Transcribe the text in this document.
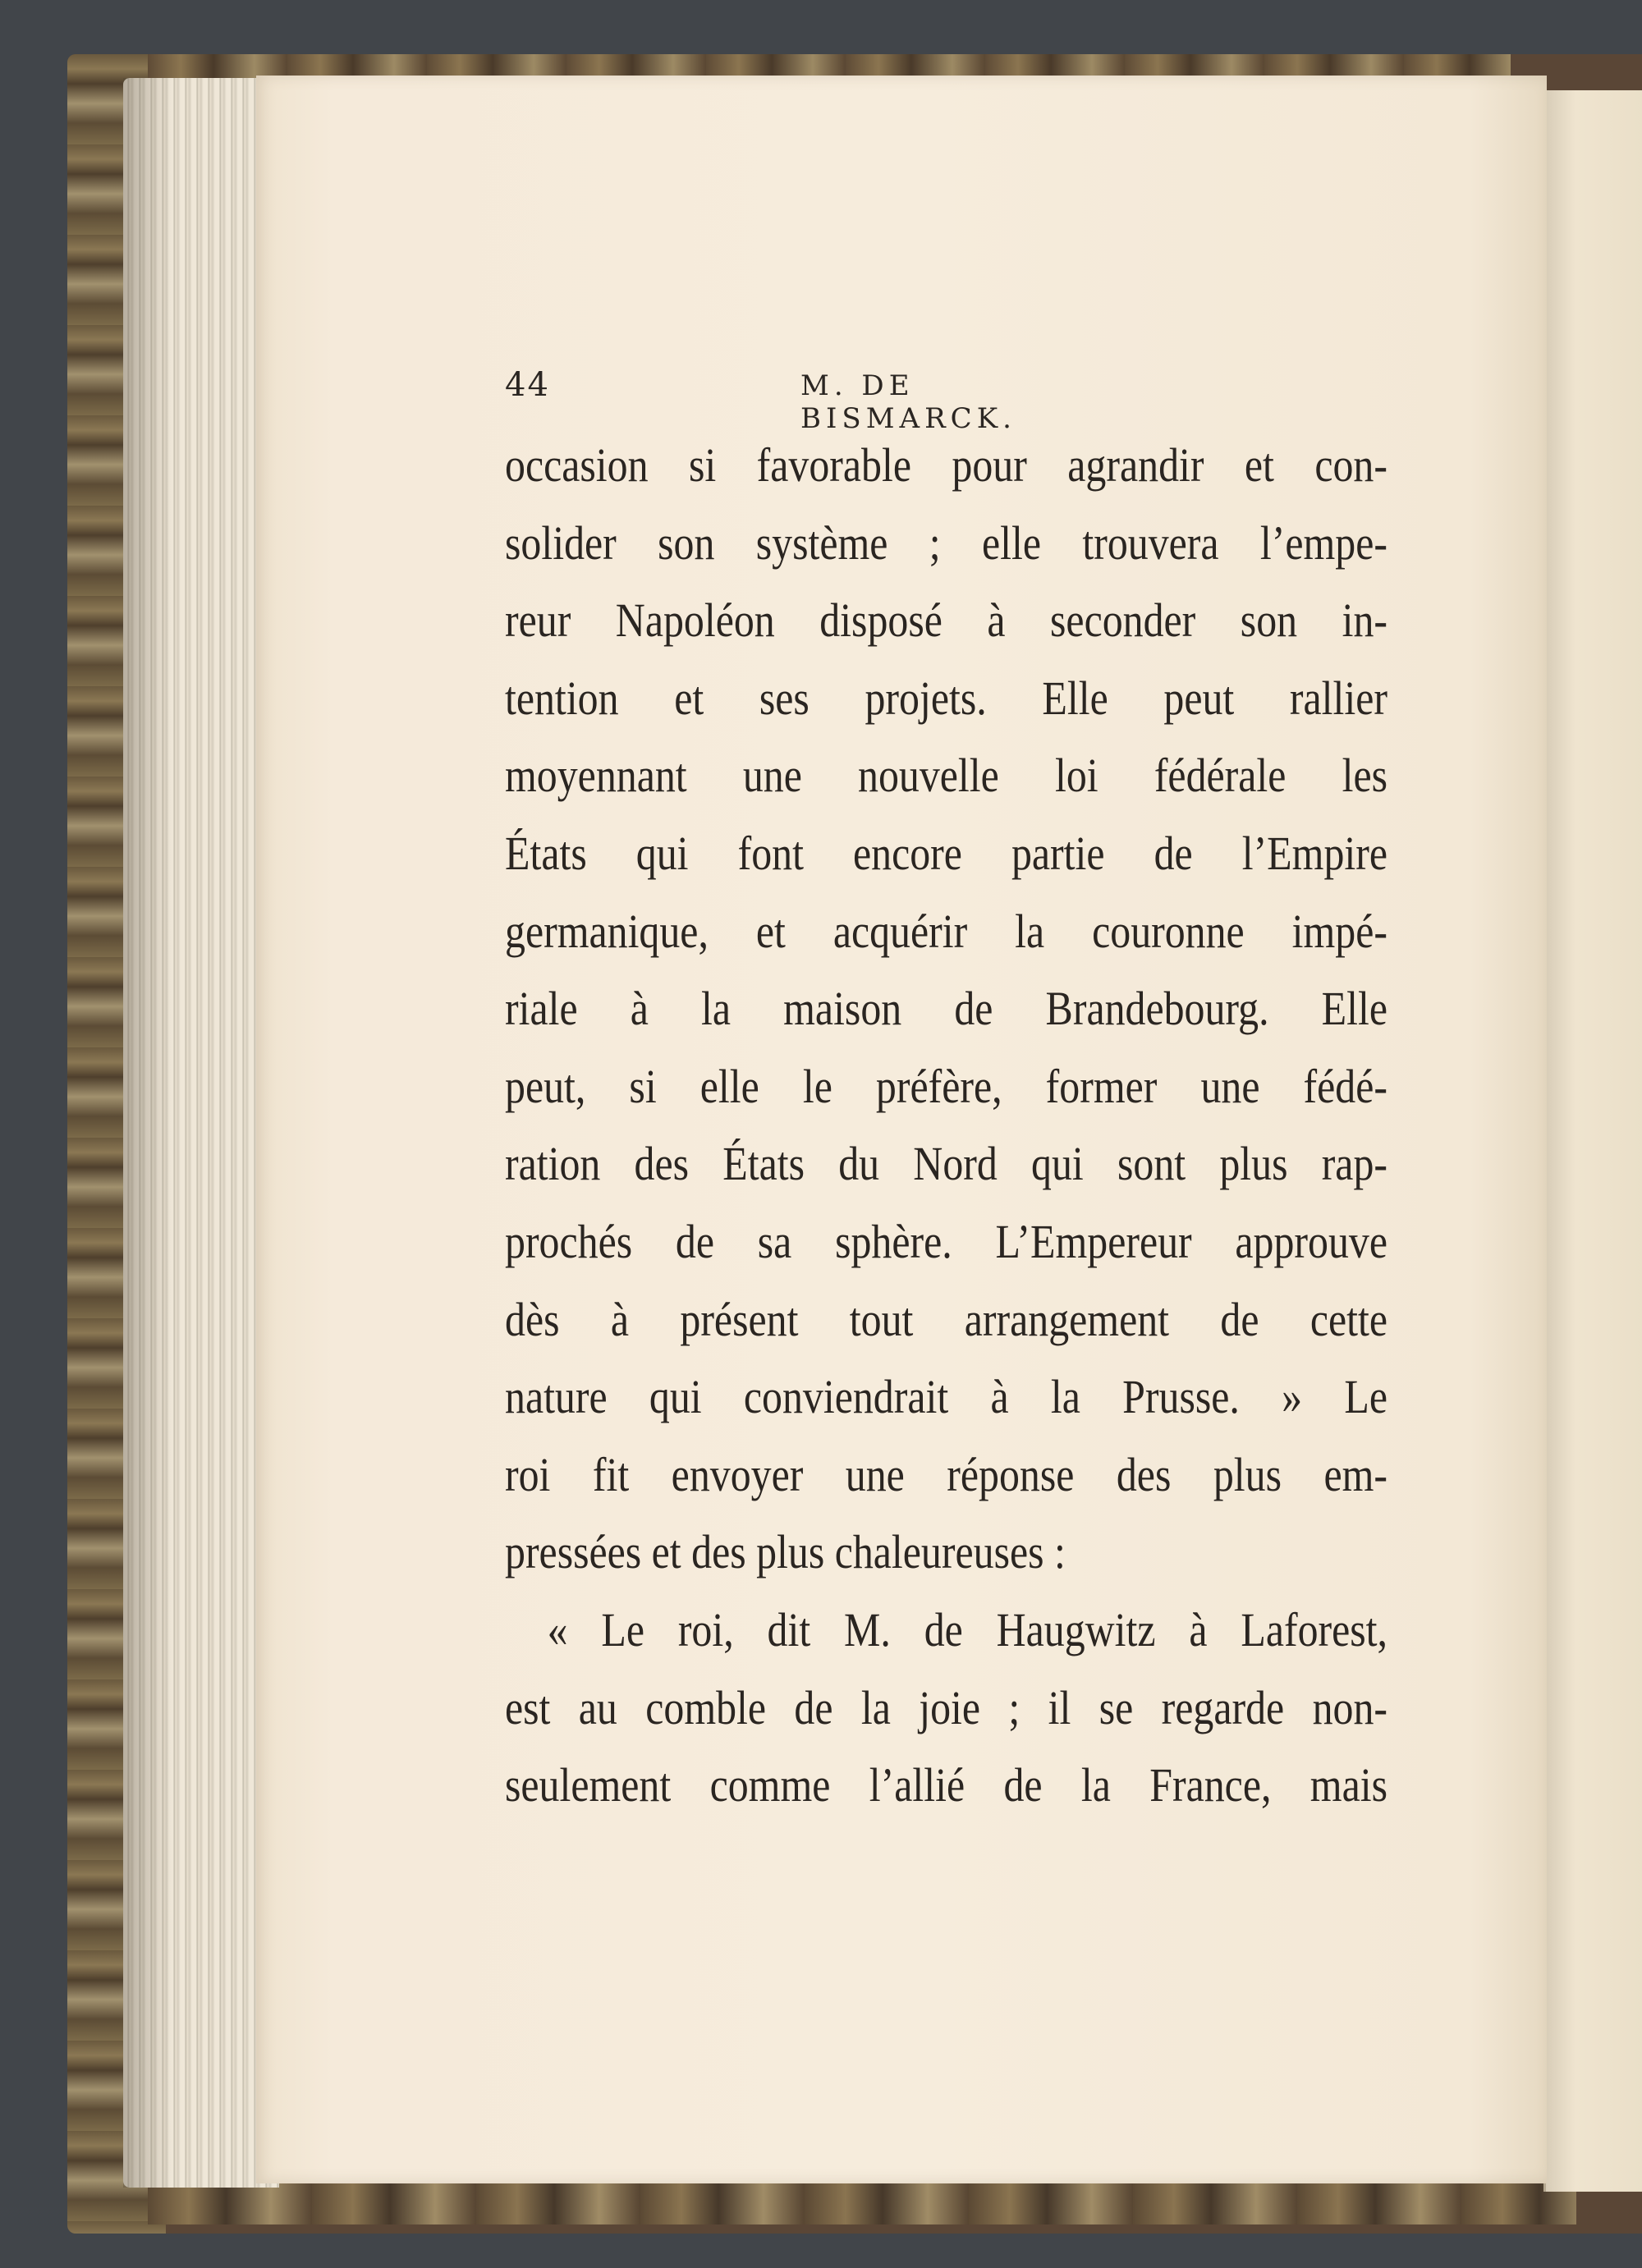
44	M. DE BISMARCK.
occasion si favorable pour agrandir et con-
solider son système ; elle trouvera l’empe-
reur Napoléon disposé à seconder son in-
tention et ses projets. Elle peut rallier
moyennant une nouvelle loi fédérale les
États qui font encore partie de l’Empire
germanique, et acquérir la couronne impé-
riale à la maison de Brandebourg. Elle
peut, si elle le préfère, former une fédé-
ration des États du Nord qui sont plus rap-
prochés de sa sphère. L’Empereur approuve
dès à présent tout arrangement de cette
nature qui conviendrait à la Prusse. » Le
roi fit envoyer une réponse des plus em-
pressées et des plus chaleureuses :
« Le roi, dit M. de Haugwitz à Laforest,
est au comble de la joie ; il se regarde non-
seulement comme l’allié de la France, mais
